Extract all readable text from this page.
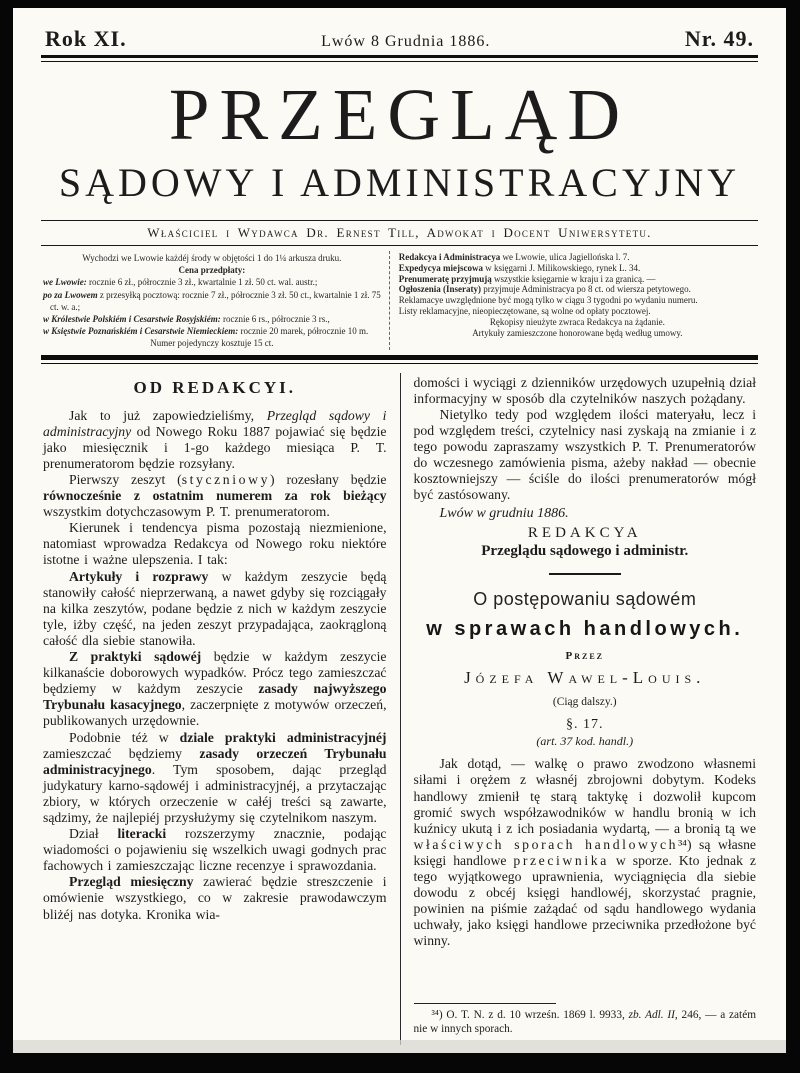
Rok XI.	Lwów 8 Grudnia 1886.	Nr. 49.
PRZEGLĄD
SĄDOWY I ADMINISTRACYJNY
Właściciel i Wydawca Dr. Ernest Till, Adwokat i Docent Uniwersytetu.
Wychodzi we Lwowie każdéj środy w objętości 1 do 1¼ arkusza druku.
Cena przedpłaty:
we Lwowie: rocznie 6 zł., półrocznie 3 zł., kwartalnie 1 zł. 50 ct. wal. austr.;
po za Lwowem z przesyłką pocztową: rocznie 7 zł., półrocznie 3 zł. 50 ct., kwartalnie 1 zł. 75 ct. w. a.;
w Królestwie Polskiém i Cesarstwie Rosyjskiém: rocznie 6 rs., półrocznie 3 rs.,
w Księstwie Poznańskiém i Cesarstwie Niemieckiem: rocznie 20 marek, półrocznie 10 m.
Numer pojedynczy kosztuje 15 ct.
Redakcya i Administracya we Lwowie, ulica Jagiellońska l. 7.
Expedycya miejscowa w księgarni J. Milikowskiego, rynek L. 34.
Prenumeratę przyjmują wszystkie księgarnie w kraju i za granicą. —
Ogłoszenia (Inseraty) przyjmuje Administracya po 8 ct. od wiersza petytowego.
Reklamacye uwzględnione być mogą tylko w ciągu 3 tygodni po wydaniu numeru.
Listy reklamacyjne, nieopieczętowane, są wolne od opłaty pocztowej.
Rękopisy nieużyte zwraca Redakcya na żądanie.
Artykuły zamieszczone honorowane będą według umowy.
OD REDAKCYI.

Jak to już zapowiedzieliśmy, Przegląd sądowy i administracyjny od Nowego Roku 1887 pojawiać się będzie jako miesięcznik i 1-go każdego miesiąca P. T. prenumeratorom będzie rozsyłany.

Pierwszy zeszyt (styczniowy) rozesłany będzie równocześnie z ostatnim numerem za rok bieżący wszystkim dotychczasowym P. T. prenumeratorom.

Kierunek i tendencya pisma pozostają niezmienione, natomiast wprowadza Redakcya od Nowego roku niektóre istotne i ważne ulepszenia. I tak:

Artykuły i rozprawy w każdym zeszycie będą stanowiły całość nieprzerwaną, a nawet gdyby się rozciągały na kilka zeszytów, podane będzie z nich w każdym zeszycie tyle, iżby część, na jeden zeszyt przypadająca, zaokrągloną całość dla siebie stanowiła.

Z praktyki sądowéj będzie w każdym zeszycie kilkanaście doborowych wypadków. Prócz tego zamieszczać będziemy w każdym zeszycie zasady najwyższego Trybunału kasacyjnego, zaczerpnięte z motywów orzeczeń, publikowanych urzędownie.

Podobnie téż w dziale praktyki administracyjnéj zamieszczać będziemy zasady orzeczeń Trybunału administracyjnego. Tym sposobem, dając przegląd judykatury karno-sądowéj i administracyjnéj, a przytaczając zbiory, w których orzeczenie w całéj treści są zawarte, sądzimy, że najlepiéj przysłużymy się czytelnikom naszym.

Dział literacki rozszerzymy znacznie, podając wiadomości o pojawieniu się wszelkich uwagi godnych prac fachowych i zamieszczając liczne recenzye i sprawozdania.

Przegląd miesięczny zawierać będzie streszczenie i omówienie wszystkiego, co w zakresie prawodawczym bliżéj nas dotyka. Kronika wia-

domości i wyciągi z dzienników urzędowych uzupełnią dział informacyjny w sposób dla czytelników naszych pożądany.

Nietylko tedy pod względem ilości materyału, lecz i pod względem treści, czytelnicy nasi zyskają na zmianie i z tego powodu zapraszamy wszystkich P. T. Prenumeratorów do wczesnego zamówienia pisma, ażeby nakład — obecnie kosztowniejszy — ściśle do ilości prenumeratorów mógł być zastósowany.

Lwów w grudniu 1886.
REDAKCYA
Przeglądu sądowego i administr.
O postępowaniu sądowém
w sprawach handlowych.
Przez
Józefa Wawel-Louis.
(Ciąg dalszy.)
§. 17.
(art. 37 kod. handl.)

Jak dotąd, — walkę o prawo zwodzono własnemi siłami i orężem z własnéj zbrojowni dobytym. Kodeks handlowy zmienił tę starą taktykę i dozwolił kupcom gromić swych współzawodników w handlu bronią w ich kuźnicy ukutą i z ich posiadania wydartą, — a bronią tą we właściwych sporach handlowych³⁴) są własne księgi handlowe przeciwnika w sporze. Kto jednak z tego wyjątkowego uprawnienia, wyciągnięcia dla siebie dowodu z obcéj księgi handlowéj, skorzystać pragnie, powinien na piśmie zażądać od sądu handlowego wydania uchwały, jako księgi handlowe przeciwnika przedłożone być winny.

³⁴) O. T. N. z d. 10 wrześn. 1869 l. 9933, zb. Adl. II, 246, — a zatém nie w innych sporach.
